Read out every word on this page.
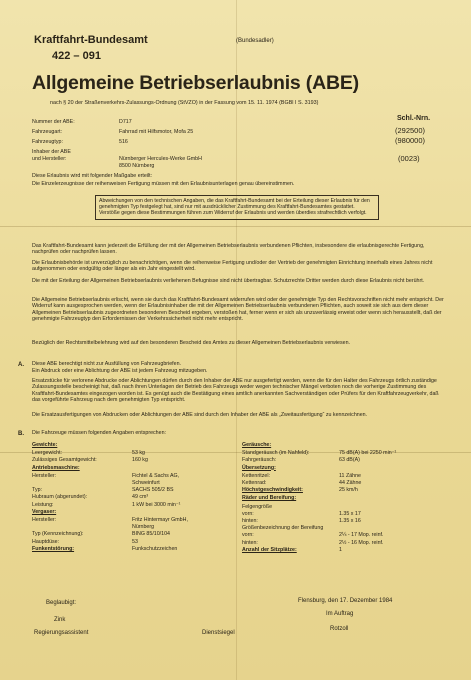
Kraftfahrt-Bundesamt
422 – 091
(Bundesadler)
Allgemeine Betriebserlaubnis (ABE)
nach § 20 der Straßenverkehrs-Zulassungs-Ordnung (StVZO) in der Fassung vom 15. 11. 1974 (BGBl I S. 3193)
Schl.-Nrn.
(292500)
(980000)
(0023)
Nummer der ABE:	D717
Fahrzeugart:	Fahrrad mit Hilfsmotor, Mofa 25
Fahrzeugtyp:	516
Inhaber der ABE
und Hersteller:	Nürnberger Hercules-Werke GmbH
8500 Nürnberg
Diese Erlaubnis wird mit folgender Maßgabe erteilt:
Die Einzelerzeugnisse der reihenweisen Fertigung müssen mit den Erlaubnisunterlagen genau übereinstimmen.
Abweichungen von den technischen Angaben, die das Kraftfahrt-Bundesamt bei der Erteilung dieser Erlaubnis für den genehmigten Typ festgelegt hat, sind nur mit ausdrücklicher Zustimmung des Kraftfahrt-Bundesamtes gestattet. Verstöße gegen diese Bestimmungen führen zum Widerruf der Erlaubnis und werden überdies strafrechtlich verfolgt.
Das Kraftfahrt-Bundesamt kann jederzeit die Erfüllung der mit der Allgemeinen Betriebserlaubnis verbundenen Pflichten, insbesondere die erlaubnisgerechte Fertigung, nachprüfen oder nachprüfen lassen.
Die Erlaubnisbehörde ist unverzüglich zu benachrichtigen, wenn die reihenweise Fertigung und/oder der Vertrieb der genehmigten Einrichtung innerhalb eines Jahres nicht aufgenommen oder endgültig oder länger als ein Jahr eingestellt wird.
Die mit der Erteilung der Allgemeinen Betriebserlaubnis verliehenen Befugnisse sind nicht übertragbar. Schutzrechte Dritter werden durch diese Erlaubnis nicht berührt.
Die Allgemeine Betriebserlaubnis erlischt, wenn sie durch das Kraftfahrt-Bundesamt widerrufen wird oder der genehmigte Typ den Rechtsvorschriften nicht mehr entspricht. Der Widerruf kann ausgesprochen werden, wenn der Erlaubnisinhaber die mit der Allgemeinen Betriebserlaubnis verbundenen Pflichten, auch soweit sie sich aus dem dieser Allgemeinen Betriebserlaubnis zugeordneten besonderen Bescheid ergeben, verstoßen hat, ferner wenn er sich als unzuverlässig erweist oder wenn sich herausstellt, daß der genehmigte Fahrzeugtyp den Erfordernissen der Verkehrssicherheit nicht mehr entspricht.
Bezüglich der Rechtsmittelbelehrung wird auf den besonderen Bescheid des Amtes zu dieser Allgemeinen Betriebserlaubnis verwiesen.
A. Diese ABE berechtigt nicht zur Ausfüllung von Fahrzeugbriefen.
Ein Abdruck oder eine Ablichtung der ABE ist jedem Fahrzeug mitzugeben.
Ersatzstücke für verlorene Abdrucke oder Ablichtungen dürfen durch den Inhaber der ABE nur ausgefertigt werden, wenn die für den Halter des Fahrzeugs örtlich zuständige Zulassungsstelle bescheinigt hat, daß nach ihren Unterlagen der Betrieb des Fahrzeugs weder wegen technischer Mängel verboten noch die vorherige Zustimmung des Kraftfahrt-Bundesamtes eingezogen worden ist. Es genügt auch die Bestätigung eines amtlich anerkannten Sachverständigen oder Prüfers für den Kraftfahrzeugverkehr, daß das vorgeführte Fahrzeug nach dem genehmigten Typ entspricht.
Die Ersatzausfertigungen von Abdrucken oder Ablichtungen der ABE sind durch den Inhaber der ABE als „Zweitausfertigung“ zu kennzeichnen.
B. Die Fahrzeuge müssen folgenden Angaben entsprechen:
Gewichte:
Leergewicht:	53 kg
Zulässiges Gesamtgewicht:	160 kg
Antriebsmaschine:
Hersteller:	Fichtel & Sachs AG,
Schweinfurt
Typ:	SACHS 505/2 BS
Hubraum (abgerundet):	49 cm³
Leistung:	1 kW bei 3000 min⁻¹
Vergaser:
Hersteller:	Fritz Hintermayr GmbH,
Nürnberg
Typ (Kennzeichnung):	BING 85/10/104
Hauptdüse:	53
Funkentstörung:	Funkschutzzeichen
Geräusche:
Standgeräusch (im Nahfeld):	75 dB(A) bei 2250 min⁻¹
Fahrgeräusch:	63 dB(A)
Übersetzung:
Kettenritzel:	11 Zähne
Kettenrad:	44 Zähne
Höchstgeschwindigkeit:	25 km/h
Räder und Bereifung:
Felgengröße
vorn:	1.35 x 17
hinten:	1.35 x 16
Größenbezeichnung der Bereifung
vorn:	2¼ - 17 Mop. reinf.
hinten:	2½ - 16 Mop. reinf.
Anzahl der Sitzplätze:	1
Beglaubigt:
Zink
Regierungsassistent	Dienstsiegel
Flensburg, den 17. Dezember 1984
Im Auftrag
Rotzoll
